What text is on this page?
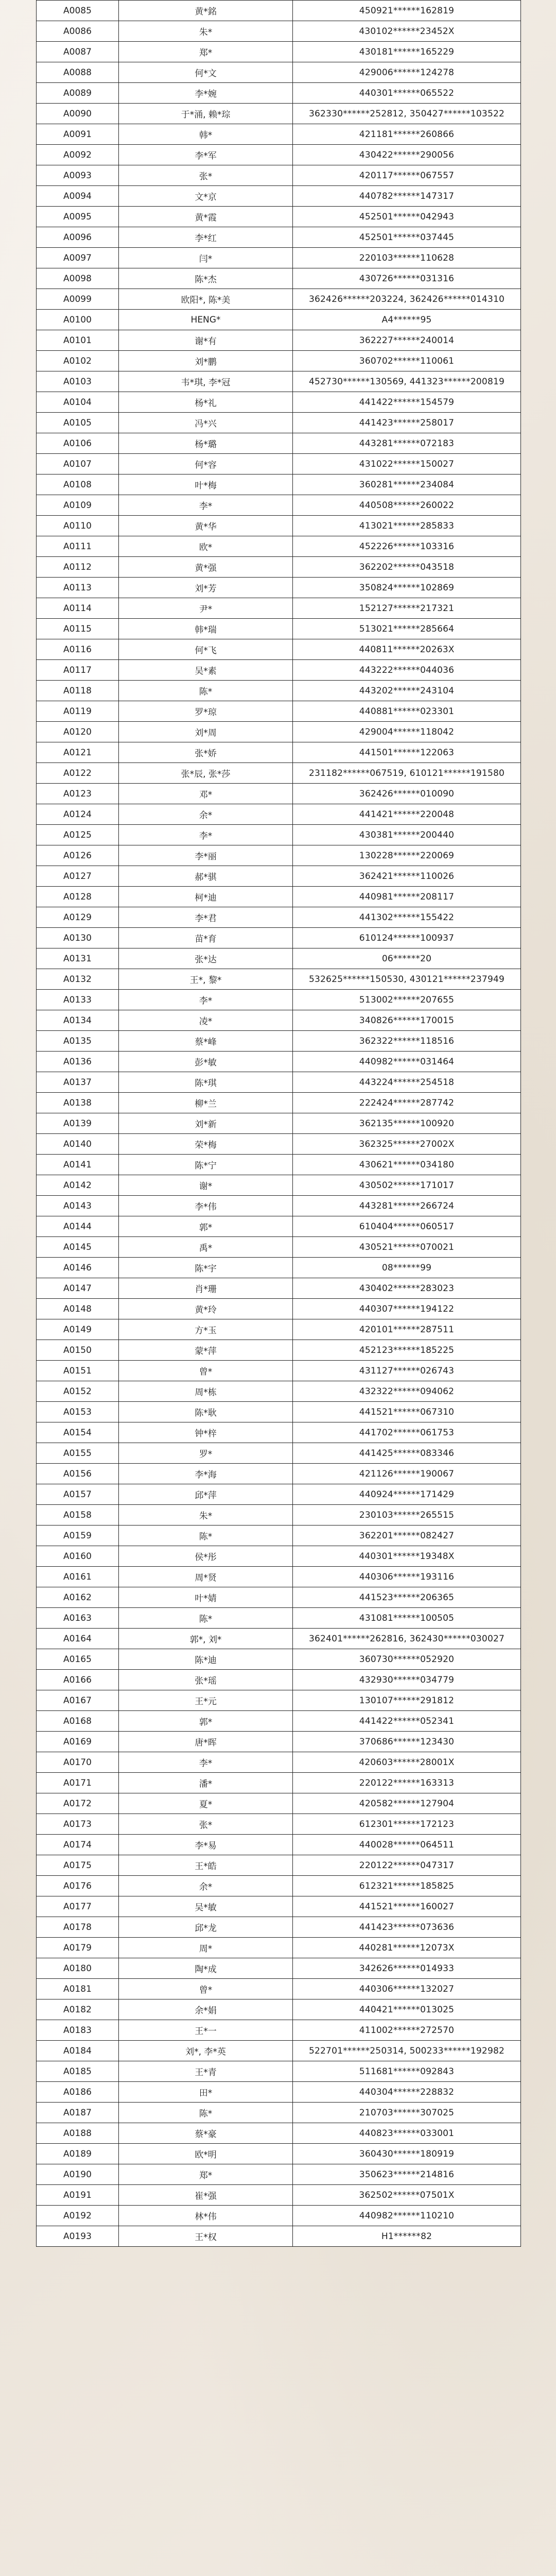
A0085	黄*銘	450921******162819
A0086	朱*	430102******23452X
A0087	郑*	430181******165229
A0088	何*文	429006******124278
A0089	李*婉	440301******065522
A0090	于*涌, 赖*琮	362330******252812, 350427******103522
A0091	韩*	421181******260866
A0092	李*军	430422******290056
A0093	张*	420117******067557
A0094	文*京	440782******147317
A0095	黄*霞	452501******042943
A0096	李*红	452501******037445
A0097	闫*	220103******110628
A0098	陈*杰	430726******031316
A0099	欧阳*, 陈*美	362426******203224, 362426******014310
A0100	HENG*	A4******95
A0101	谢*有	362227******240014
A0102	刘*鹏	360702******110061
A0103	韦*琪, 李*冠	452730******130569, 441323******200819
A0104	杨*礼	441422******154579
A0105	冯*兴	441423******258017
A0106	杨*璐	443281******072183
A0107	何*容	431022******150027
A0108	叶*梅	360281******234084
A0109	李*	440508******260022
A0110	黄*华	413021******285833
A0111	欧*	452226******103316
A0112	黄*强	362202******043518
A0113	刘*芳	350824******102869
A0114	尹*	152127******217321
A0115	韩*瑞	513021******285664
A0116	何*飞	440811******20263X
A0117	吴*素	443222******044036
A0118	陈*	443202******243104
A0119	罗*琼	440881******023301
A0120	刘*周	429004******118042
A0121	张*娇	441501******122063
A0122	张*辰, 张*莎	231182******067519, 610121******191580
A0123	邓*	362426******010090
A0124	余*	441421******220048
A0125	李*	430381******200440
A0126	李*丽	130228******220069
A0127	郝*骐	362421******110026
A0128	柯*迪	440981******208117
A0129	李*君	441302******155422
A0130	苗*育	610124******100937
A0131	张*达	06******20
A0132	王*, 黎*	532625******150530, 430121******237949
A0133	李*	513002******207655
A0134	凌*	340826******170015
A0135	蔡*峰	362322******118516
A0136	彭*敏	440982******031464
A0137	陈*琪	443224******254518
A0138	柳*兰	222424******287742
A0139	刘*新	362135******100920
A0140	荣*梅	362325******27002X
A0141	陈*宁	430621******034180
A0142	谢*	430502******171017
A0143	李*伟	443281******266724
A0144	郭*	610404******060517
A0145	禹*	430521******070021
A0146	陈*宇	08******99
A0147	肖*珊	430402******283023
A0148	黄*玲	440307******194122
A0149	方*玉	420101******287511
A0150	蒙*萍	452123******185225
A0151	曾*	431127******026743
A0152	周*栋	432322******094062
A0153	陈*耿	441521******067310
A0154	钟*梓	441702******061753
A0155	罗*	441425******083346
A0156	李*海	421126******190067
A0157	邱*萍	440924******171429
A0158	朱*	230103******265515
A0159	陈*	362201******082427
A0160	侯*彤	440301******19348X
A0161	周*贤	440306******193116
A0162	叶*婧	441523******206365
A0163	陈*	431081******100505
A0164	郭*, 刘*	362401******262816, 362430******030027
A0165	陈*迪	360730******052920
A0166	张*瑶	432930******034779
A0167	王*元	130107******291812
A0168	郭*	441422******052341
A0169	唐*晖	370686******123430
A0170	李*	420603******28001X
A0171	潘*	220122******163313
A0172	夏*	420582******127904
A0173	张*	612301******172123
A0174	李*易	440028******064511
A0175	王*皓	220122******047317
A0176	余*	612321******185825
A0177	吴*敏	441521******160027
A0178	邱*龙	441423******073636
A0179	周*	440281******12073X
A0180	陶*成	342626******014933
A0181	曾*	440306******132027
A0182	余*娟	440421******013025
A0183	王*一	411002******272570
A0184	刘*, 李*英	522701******250314, 500233******192982
A0185	王*青	511681******092843
A0186	田*	440304******228832
A0187	陈*	210703******307025
A0188	蔡*豪	440823******033001
A0189	欧*明	360430******180919
A0190	郑*	350623******214816
A0191	崔*强	362502******07501X
A0192	林*伟	440982******110210
A0193	王*权	H1******82
